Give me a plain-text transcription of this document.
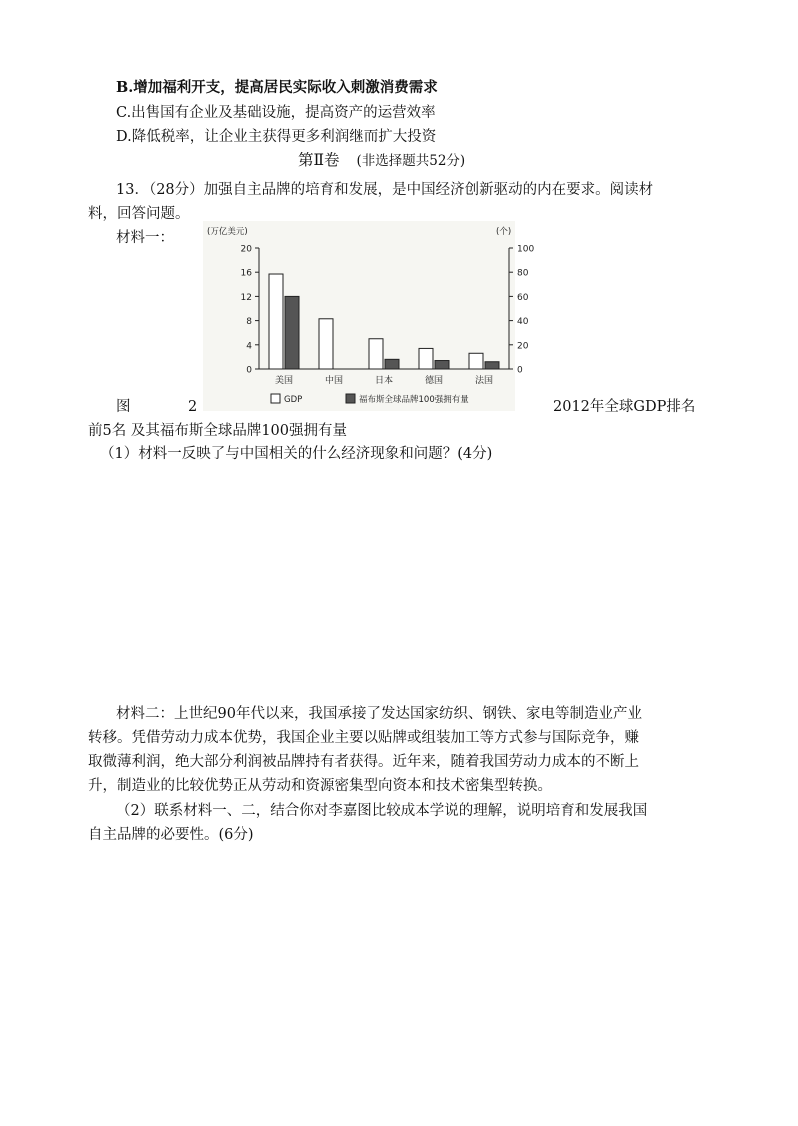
B.增加福利开支，提高居民实际收入刺激消费需求
C.出售国有企业及基础设施，提高资产的运营效率
D.降低税率，让企业主获得更多利润继而扩大投资
第Ⅱ卷 (非选择题共52分)
13．（28分）加强自主品牌的培育和发展，是中国经济创新驱动的内在要求。阅读材
料，回答问题。
材料一：	(万亿美元)	(个)
0
4
8
12
16
20
0
20
40
60
80
100
美国	中国	日本	德国	法国
GDP	福布斯全球品牌100强拥有量
图	2	2012年全球GDP排名
前5名 及其福布斯全球品牌100强拥有量
（1）材料一反映了与中国相关的什么经济现象和问题？(4分)
材料二：上世纪90年代以来，我国承接了发达国家纺织、钢铁、家电等制造业产业
转移。凭借劳动力成本优势，我国企业主要以贴牌或组装加工等方式参与国际竞争，赚
取微薄利润，绝大部分利润被品牌持有者获得。近年来，随着我国劳动力成本的不断上
升，制造业的比较优势正从劳动和资源密集型向资本和技术密集型转换。
（2）联系材料一、二，结合你对李嘉图比较成本学说的理解，说明培育和发展我国
自主品牌的必要性。(6分)
